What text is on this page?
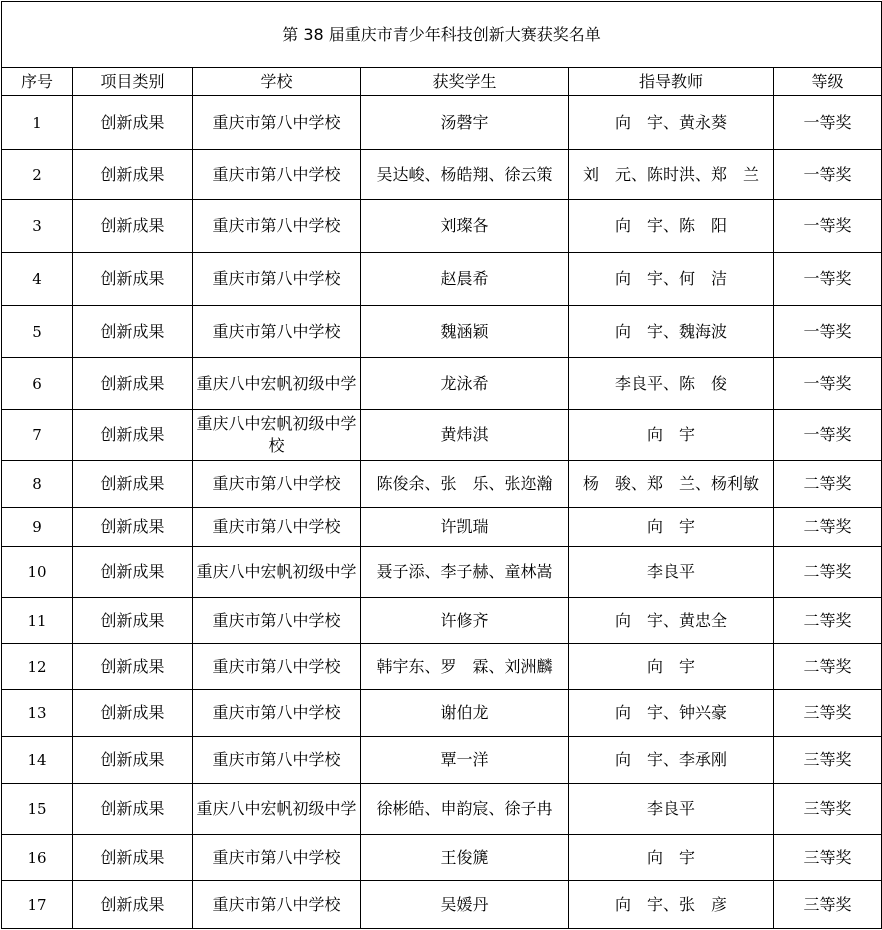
第 38 届重庆市青少年科技创新大赛获奖名单					
序号	项目类别	学校	获奖学生	指导教师	等级
1	创新成果	重庆市第八中学校	汤磬宇	向　宇、黄永葵	一等奖
2	创新成果	重庆市第八中学校	吴达峻、杨皓翔、徐云策	刘　元、陈时洪、郑　兰	一等奖
3	创新成果	重庆市第八中学校	刘璨各	向　宇、陈　阳	一等奖
4	创新成果	重庆市第八中学校	赵晨希	向　宇、何　洁	一等奖
5	创新成果	重庆市第八中学校	魏涵颖	向　宇、魏海波	一等奖
6	创新成果	重庆八中宏帆初级中学	龙泳希	李良平、陈　俊	一等奖
7	创新成果	重庆八中宏帆初级中学校	黄炜淇	向　宇	一等奖
8	创新成果	重庆市第八中学校	陈俊余、张　乐、张迩瀚	杨　骏、郑　兰、杨利敏	二等奖
9	创新成果	重庆市第八中学校	许凯瑞	向　宇	二等奖
10	创新成果	重庆八中宏帆初级中学	聂子添、李子赫、童林嵩	李良平	二等奖
11	创新成果	重庆市第八中学校	许修齐	向　宇、黄忠全	二等奖
12	创新成果	重庆市第八中学校	韩宇东、罗　霖、刘洲麟	向　宇	二等奖
13	创新成果	重庆市第八中学校	谢伯龙	向　宇、钟兴豪	三等奖
14	创新成果	重庆市第八中学校	覃一洋	向　宇、李承刚	三等奖
15	创新成果	重庆八中宏帆初级中学	徐彬皓、申韵宸、徐子冉	李良平	三等奖
16	创新成果	重庆市第八中学校	王俊篪	向　宇	三等奖
17	创新成果	重庆市第八中学校	吴媛丹	向　宇、张　彦	三等奖
